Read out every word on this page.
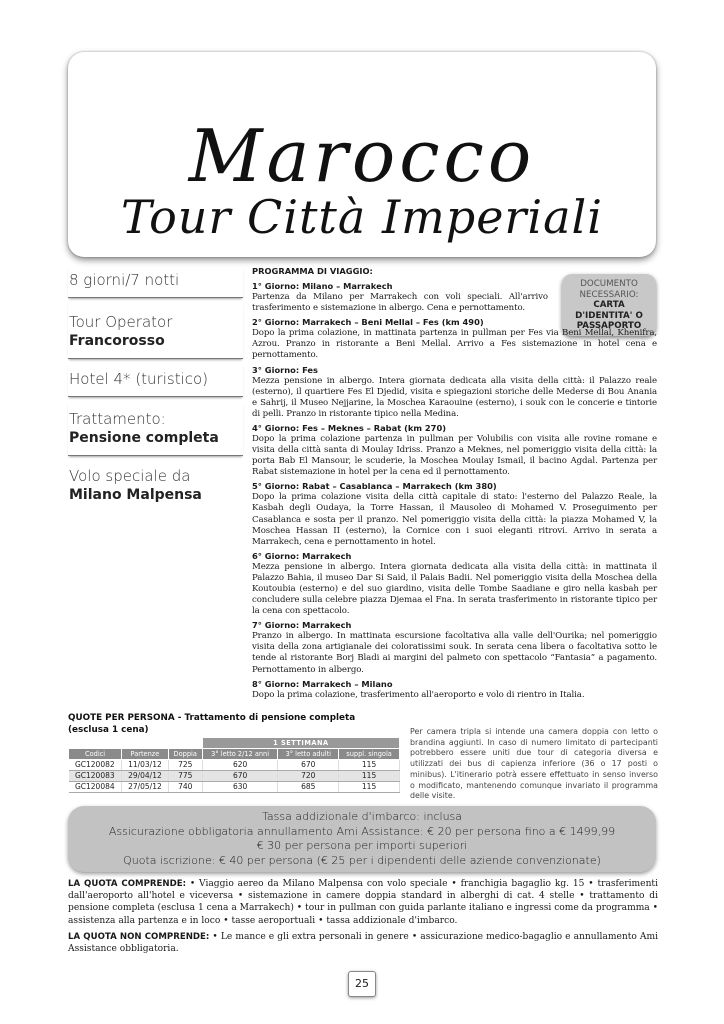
Marocco
Tour Città Imperiali
8 giorni/7 notti
Tour Operator
Francorosso
Hotel 4* (turistico)
Trattamento:
Pensione completa
Volo speciale da
Milano Malpensa
DOCUMENTO
NECESSARIO:
CARTA
D'IDENTITA' O
PASSAPORTO
PROGRAMMA DI VIAGGIO:
1° Giorno: Milano – Marrakech
Partenza da Milano per Marrakech con voli speciali. All'arrivo trasferimento e sistemazione in albergo. Cena e pernottamento.
2° Giorno: Marrakech – Beni Mellal – Fes (km 490)
Dopo la prima colazione, in mattinata partenza in pullman per Fes via Beni Mellal, Khenifra, Azrou. Pranzo in ristorante a Beni Mellal. Arrivo a Fes sistemazione in hotel cena e pernottamento.
3° Giorno: Fes
Mezza pensione in albergo. Intera giornata dedicata alla visita della città: il Palazzo reale (esterno), il quartiere Fes El Djedid, visita e spiegazioni storiche delle Mederse di Bou Anania e Sahrij, il Museo Nejjarine, la Moschea Karaouine (esterno), i souk con le concerie e tintorie di pelli. Pranzo in ristorante tipico nella Medina.
4° Giorno: Fes – Meknes – Rabat (km 270)
Dopo la prima colazione partenza in pullman per Volubilis con visita alle rovine romane e visita della città santa di Moulay Idriss. Pranzo a Meknes, nel pomeriggio visita della città: la porta Bab El Mansour, le scuderie, la Moschea Moulay Ismail, il bacino Agdal. Partenza per Rabat sistemazione in hotel per la cena ed il pernottamento.
5° Giorno: Rabat – Casablanca – Marrakech (km 380)
Dopo la prima colazione visita della città capitale di stato: l'esterno del Palazzo Reale, la Kasbah degli Oudaya, la Torre Hassan, il Mausoleo di Mohamed V. Proseguimento per Casablanca e sosta per il pranzo. Nel pomeriggio visita della città: la piazza Mohamed V, la Moschea Hassan II (esterno), la Cornice con i suoi eleganti ritrovi. Arrivo in serata a Marrakech, cena e pernottamento in hotel.
6° Giorno: Marrakech
Mezza pensione in albergo. Intera giornata dedicata alla visita della città: in mattinata il Palazzo Bahia, il museo Dar Si Said, il Palais Badii. Nel pomeriggio visita della Moschea della Koutoubia (esterno) e del suo giardino, visita delle Tombe Saadiane e giro nella kasbah per concludere sulla celebre piazza Djemaa el Fna. In serata trasferimento in ristorante tipico per la cena con spettacolo.
7° Giorno: Marrakech
Pranzo in albergo. In mattinata escursione facoltativa alla valle dell'Ourika; nel pomeriggio visita della zona artigianale dei coloratissimi souk. In serata cena libera o facoltativa sotto le tende al ristorante Borj Bladi ai margini del palmeto con spettacolo “Fantasia” a pagamento. Pernottamento in albergo.
8° Giorno: Marrakech – Milano
Dopo la prima colazione, trasferimento all'aeroporto e volo di rientro in Italia.
QUOTE PER PERSONA - Trattamento di pensione completa (esclusa 1 cena)
			1 SETTIMANA		
Codici	Partenze	Doppia	3° letto 2/12 anni	3° letto adulti	suppl. singola
GC120082	11/03/12	725	620	670	115
GC120083	29/04/12	775	670	720	115
GC120084	27/05/12	740	630	685	115
Per camera tripla si intende una camera doppia con letto o brandina aggiunti. In caso di numero limitato di partecipanti potrebbero essere uniti due tour di categoria diversa e utilizzati dei bus di capienza inferiore (36 o 17 posti o minibus). L'itinerario potrà essere effettuato in senso inverso o modificato, mantenendo comunque invariato il programma delle visite.
Tassa addizionale d'imbarco: inclusa
Assicurazione obbligatoria annullamento Ami Assistance: € 20 per persona fino a € 1499,99
€ 30 per persona per importi superiori
Quota iscrizione: € 40 per persona (€ 25 per i dipendenti delle aziende convenzionate)
LA QUOTA COMPRENDE: • Viaggio aereo da Milano Malpensa con volo speciale • franchigia bagaglio kg. 15 • trasferimenti dall'aeroporto all'hotel e viceversa • sistemazione in camere doppia standard in alberghi di cat. 4 stelle • trattamento di pensione completa (esclusa 1 cena a Marrakech) • tour in pullman con guida parlante italiano e ingressi come da programma • assistenza alla partenza e in loco • tasse aeroportuali • tassa addizionale d'imbarco.
LA QUOTA NON COMPRENDE: • Le mance e gli extra personali in genere • assicurazione medico-bagaglio e annullamento Ami Assistance obbligatoria.
25
